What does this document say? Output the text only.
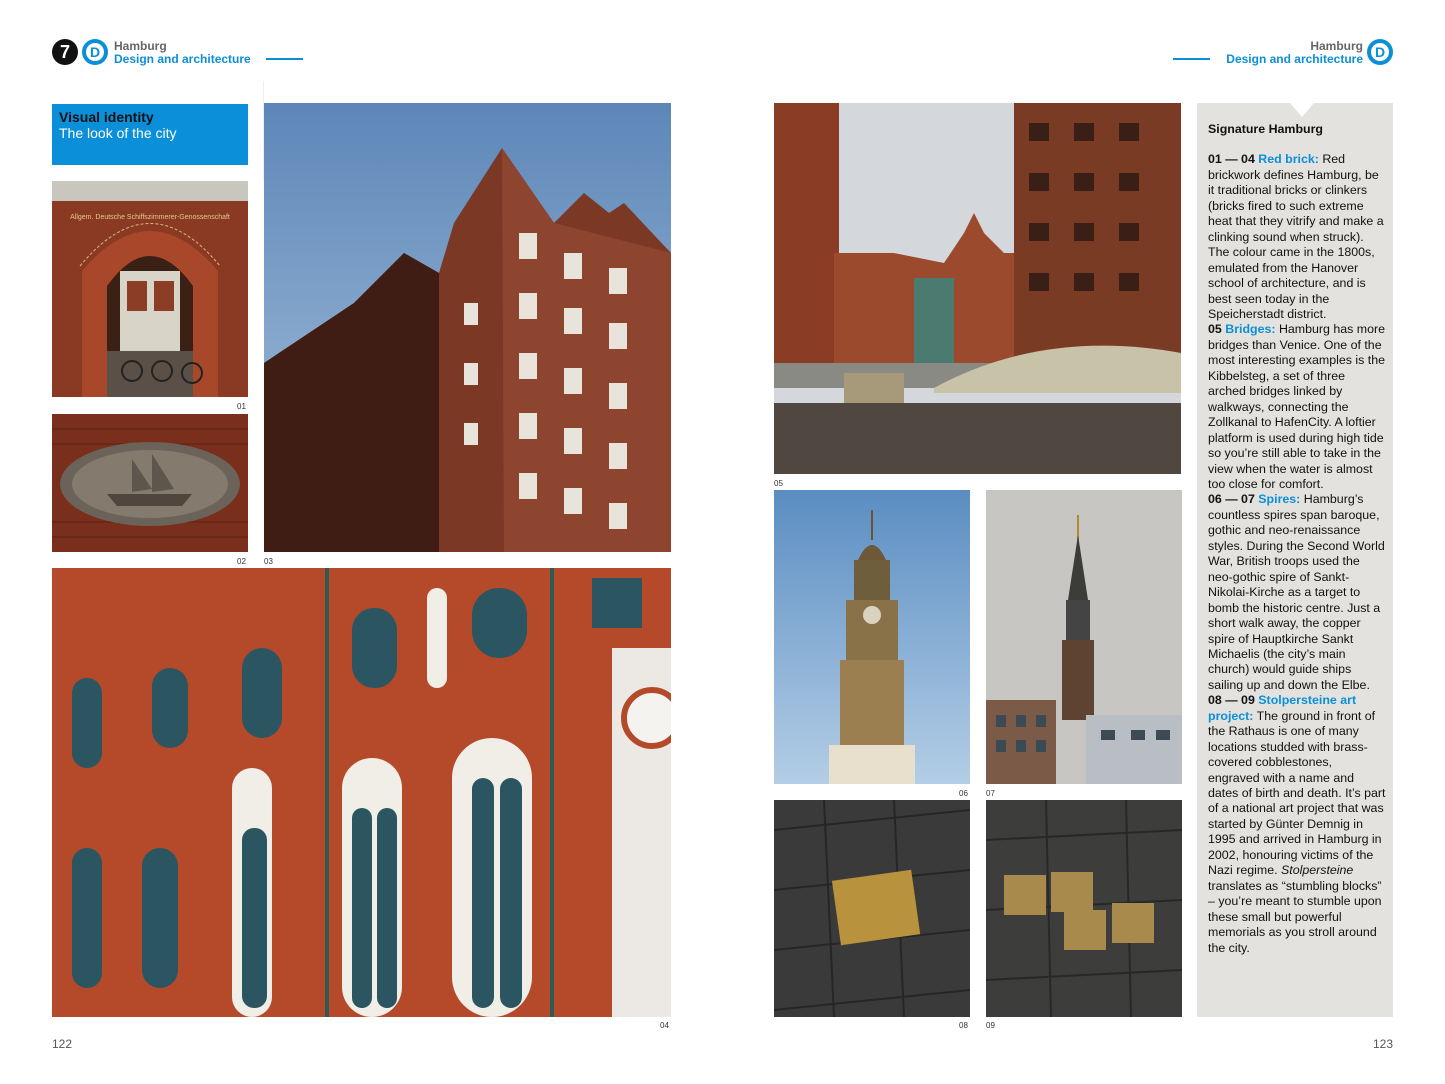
7 D	Hamburg
Design and architecture
Hamburg
Design and architecture D
Visual identity
The look of the city
Allgem. Deutsche Schiffszimmerer-Genossenschaft
01
02 03
04
05
06 07
08 09
Signature Hamburg
01 — 04 Red brick: Red brickwork defines Hamburg, be it traditional bricks or clinkers (bricks fired to such extreme heat that they vitrify and make a clinking sound when struck). The colour came in the 1800s, emulated from the Hanover school of architecture, and is best seen today in the Speicherstadt district.
05 Bridges: Hamburg has more bridges than Venice. One of the most interesting examples is the Kibbelsteg, a set of three arched bridges linked by walkways, connecting the Zollkanal to HafenCity. A loftier platform is used during high tide so you’re still able to take in the view when the water is almost too close for comfort.
06 — 07 Spires: Hamburg’s countless spires span baroque, gothic and neo-renaissance styles. During the Second World War, British troops used the neo-gothic spire of Sankt-Nikolai-Kirche as a target to bomb the historic centre. Just a short walk away, the copper spire of Hauptkirche Sankt Michaelis (the city’s main church) would guide ships sailing up and down the Elbe.
08 — 09 Stolpersteine art project: The ground in front of the Rathaus is one of many locations studded with brass-covered cobblestones, engraved with a name and dates of birth and death. It’s part of a national art project that was started by Günter Demnig in 1995 and arrived in Hamburg in 2002, honouring victims of the Nazi regime. Stolpersteine translates as “stumbling blocks” – you’re meant to stumble upon these small but powerful memorials as you stroll around the city.
122	123
